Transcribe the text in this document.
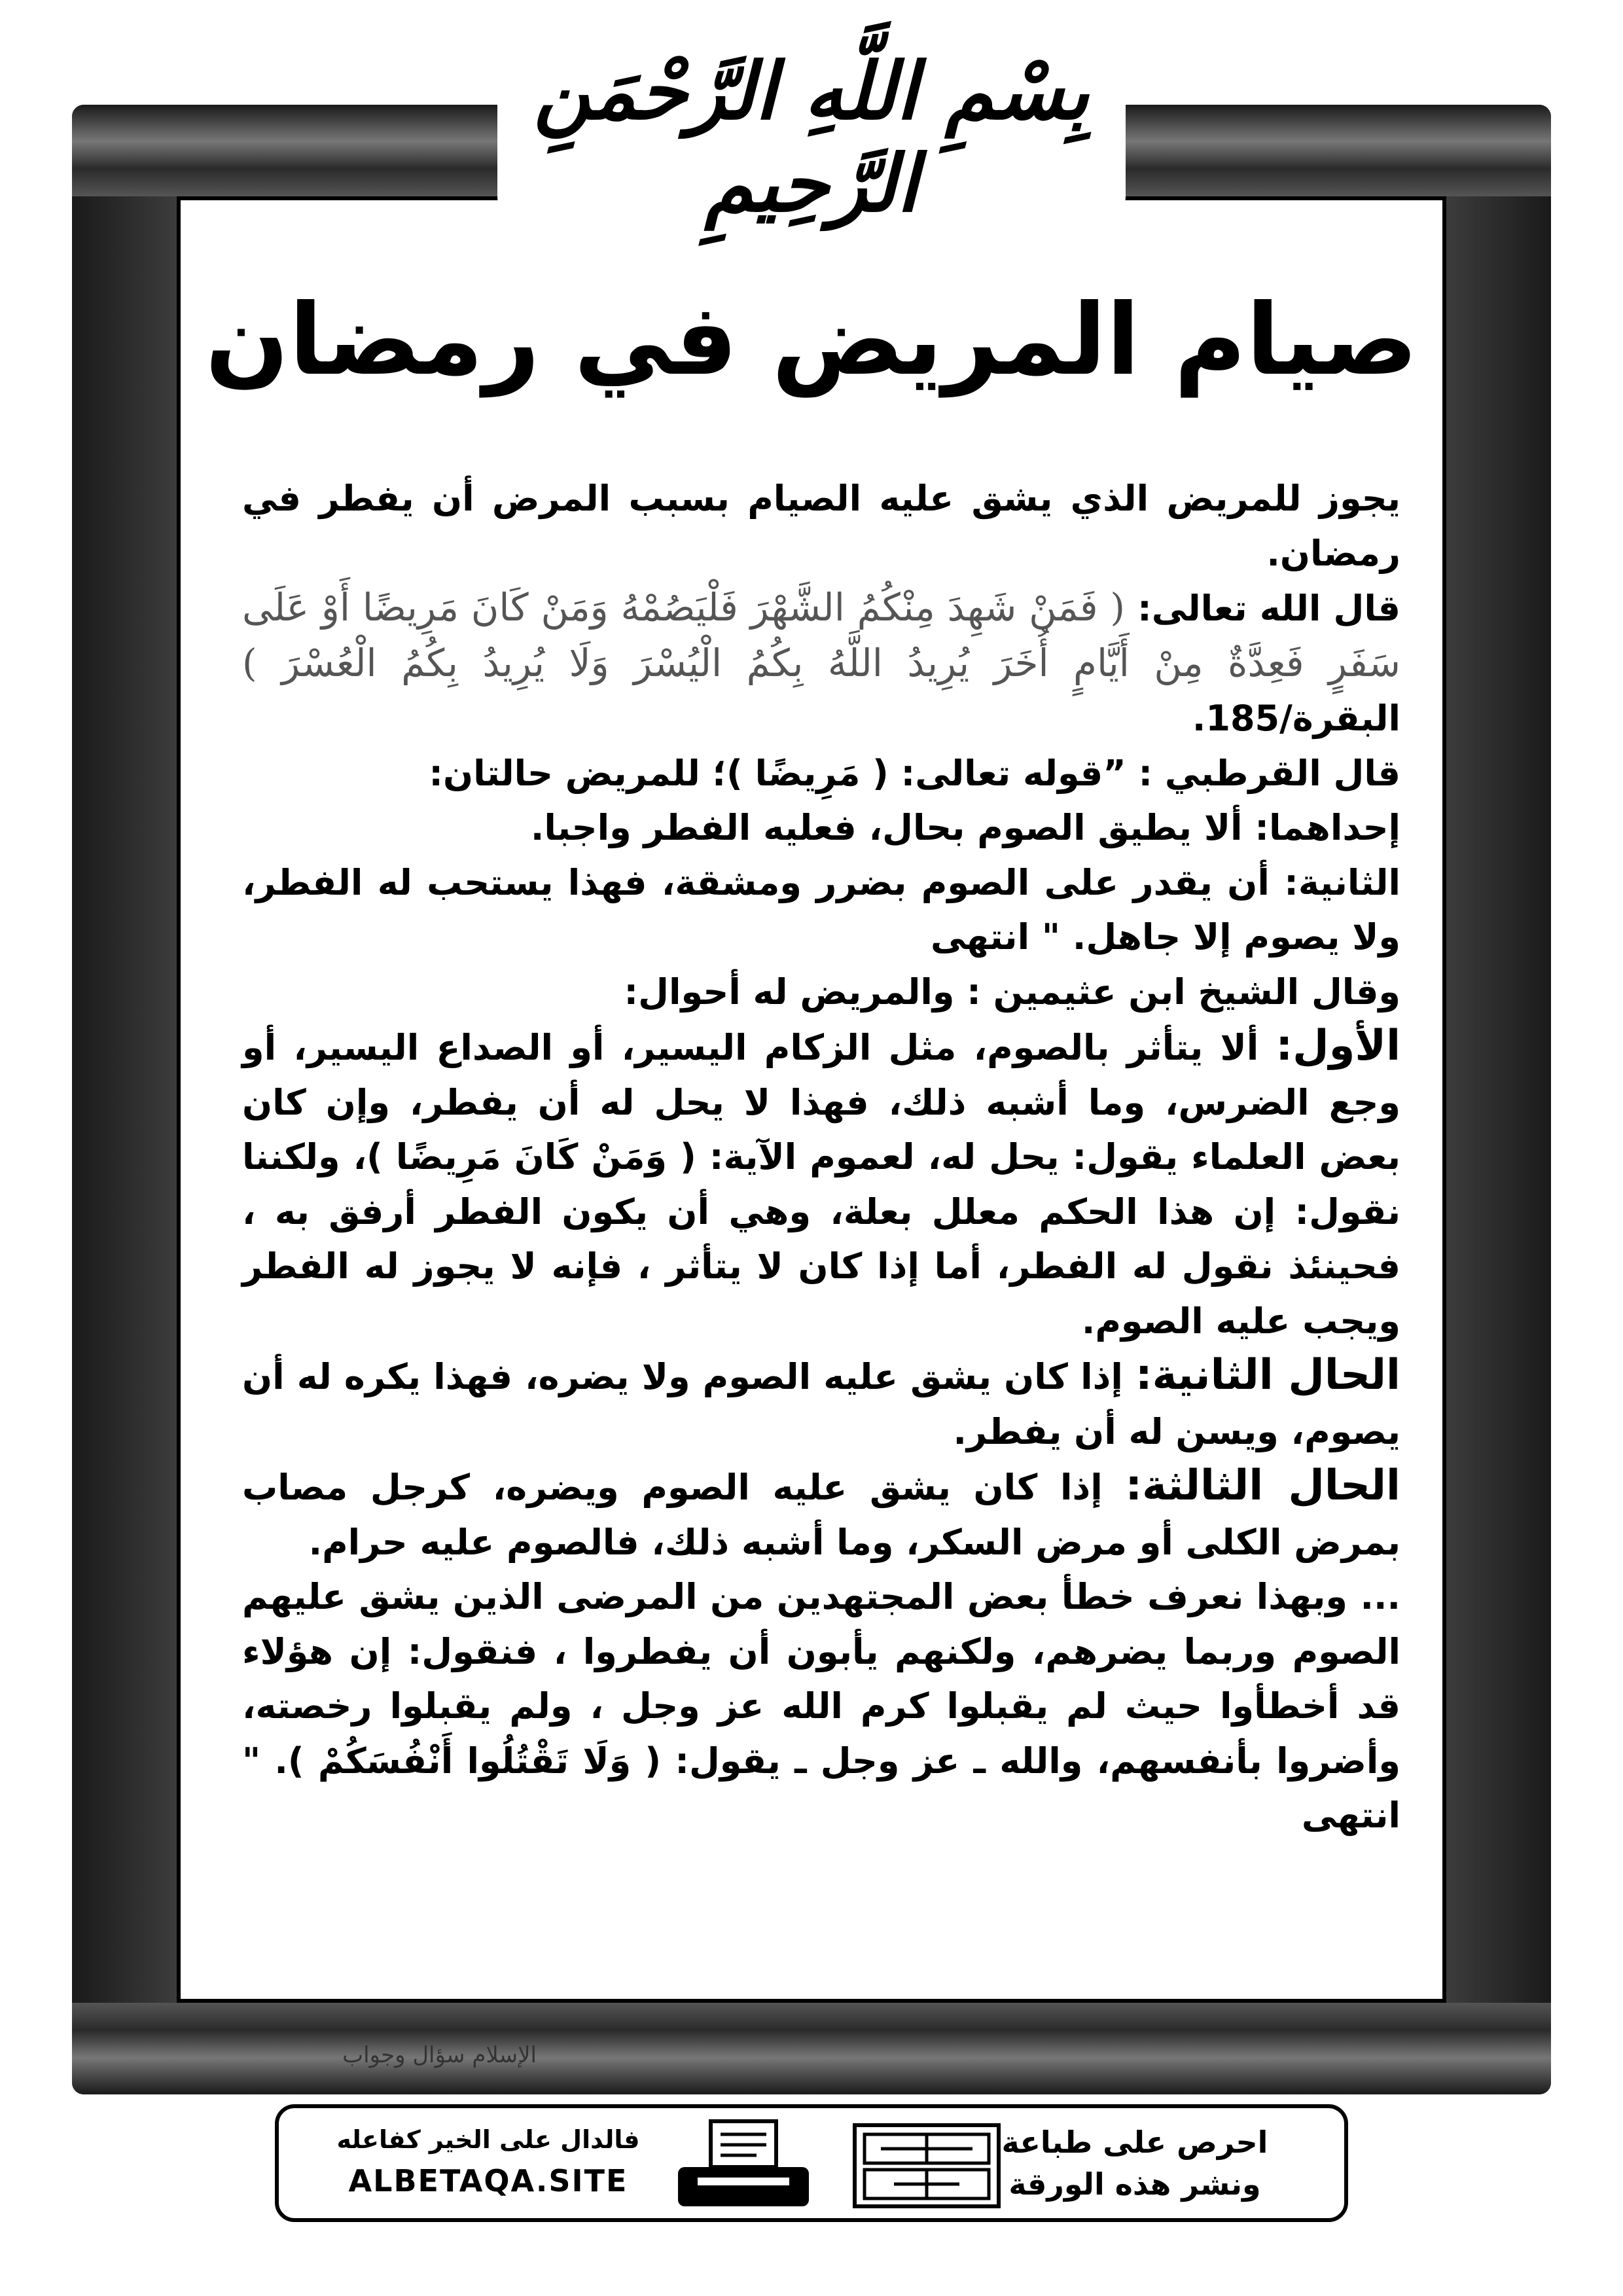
بِسْمِ اللَّهِ الرَّحْمَنِ الرَّحِيمِ
صيام المريض في رمضان

يجوز للمريض الذي يشق عليه الصيام بسبب المرض أن يفطر في رمضان.

قال الله تعالى: ( فَمَنْ شَهِدَ مِنْكُمُ الشَّهْرَ فَلْيَصُمْهُ وَمَنْ كَانَ مَرِيضًا أَوْ عَلَى سَفَرٍ فَعِدَّةٌ مِنْ أَيَّامٍ أُخَرَ يُرِيدُ اللَّهُ بِكُمُ الْيُسْرَ وَلَا يُرِيدُ بِكُمُ الْعُسْرَ ) البقرة/185.

قال القرطبي : ”قوله تعالى: ( مَرِيضًا )؛ للمريض حالتان:

إحداهما: ألا يطيق الصوم بحال، فعليه الفطر واجبا.

الثانية: أن يقدر على الصوم بضرر ومشقة، فهذا يستحب له الفطر، ولا يصوم إلا جاهل. " انتهى

وقال الشيخ ابن عثيمين : والمريض له أحوال:

الأول: ألا يتأثر بالصوم، مثل الزكام اليسير، أو الصداع اليسير، أو وجع الضرس، وما أشبه ذلك، فهذا لا يحل له أن يفطر، وإن كان بعض العلماء يقول: يحل له، لعموم الآية: ( وَمَنْ كَانَ مَرِيضًا )، ولكننا نقول: إن هذا الحكم معلل بعلة، وهي أن يكون الفطر أرفق به ، فحينئذ نقول له الفطر، أما إذا كان لا يتأثر ، فإنه لا يجوز له الفطر ويجب عليه الصوم.

الحال الثانية: إذا كان يشق عليه الصوم ولا يضره، فهذا يكره له أن يصوم، ويسن له أن يفطر.

الحال الثالثة: إذا كان يشق عليه الصوم ويضره، كرجل مصاب بمرض الكلى أو مرض السكر، وما أشبه ذلك، فالصوم عليه حرام.

... وبهذا نعرف خطأ بعض المجتهدين من المرضى الذين يشق عليهم الصوم وربما يضرهم، ولكنهم يأبون أن يفطروا ، فنقول: إن هؤلاء قد أخطأوا حيث لم يقبلوا كرم الله عز وجل ، ولم يقبلوا رخصته، وأضروا بأنفسهم، والله ـ عز وجل ـ يقول: ( وَلَا تَقْتُلُوا أَنْفُسَكُمْ ). " انتهى

الإسلام سؤال وجواب
احرص على طباعة
ونشر هذه الورقة
فالدال على الخير كفاعله
ALBETAQA.SITE
